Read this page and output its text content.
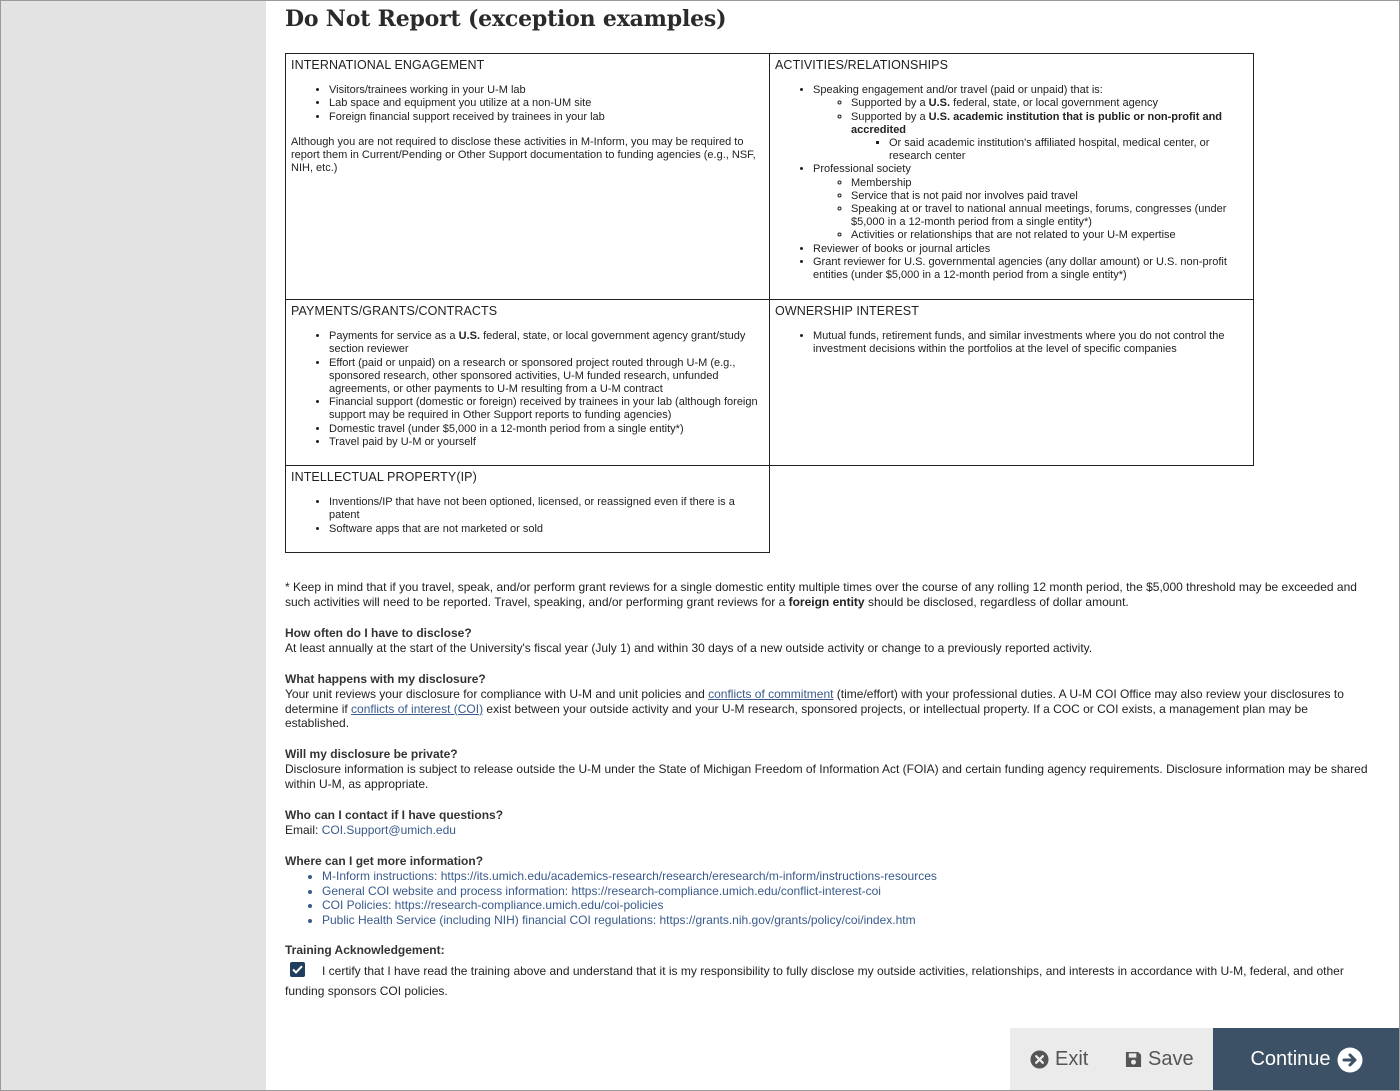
Do Not Report (exception examples)
INTERNATIONAL ENGAGEMENT
• Visitors/trainees working in your U-M lab
• Lab space and equipment you utilize at a non-UM site
• Foreign financial support received by trainees in your lab

Although you are not required to disclose these activities in M-Inform, you may be required to report them in Current/Pending or Other Support documentation to funding agencies (e.g., NSF, NIH, etc.)

ACTIVITIES/RELATIONSHIPS
• Speaking engagement and/or travel (paid or unpaid) that is:
◦ Supported by a U.S. federal, state, or local government agency
◦ Supported by a U.S. academic institution that is public or non-profit and accredited
▪ Or said academic institution's affiliated hospital, medical center, or research center
• Professional society
◦ Membership
◦ Service that is not paid nor involves paid travel
◦ Speaking at or travel to national annual meetings, forums, congresses (under $5,000 in a 12-month period from a single entity*)
◦ Activities or relationships that are not related to your U-M expertise
• Reviewer of books or journal articles
• Grant reviewer for U.S. governmental agencies (any dollar amount) or U.S. non-profit entities (under $5,000 in a 12-month period from a single entity*)
PAYMENTS/GRANTS/CONTRACTS
• Payments for service as a U.S. federal, state, or local government agency grant/study section reviewer
• Effort (paid or unpaid) on a research or sponsored project routed through U-M (e.g., sponsored research, other sponsored activities, U-M funded research, unfunded agreements, or other payments to U-M resulting from a U-M contract
• Financial support (domestic or foreign) received by trainees in your lab (although foreign support may be required in Other Support reports to funding agencies)
• Domestic travel (under $5,000 in a 12-month period from a single entity*)
• Travel paid by U-M or yourself
OWNERSHIP INTEREST
• Mutual funds, retirement funds, and similar investments where you do not control the investment decisions within the portfolios at the level of specific companies
INTELLECTUAL PROPERTY(IP)
• Inventions/IP that have not been optioned, licensed, or reassigned even if there is a patent
• Software apps that are not marketed or sold
* Keep in mind that if you travel, speak, and/or perform grant reviews for a single domestic entity multiple times over the course of any rolling 12 month period, the $5,000 threshold may be exceeded and such activities will need to be reported. Travel, speaking, and/or performing grant reviews for a foreign entity should be disclosed, regardless of dollar amount.
How often do I have to disclose?
At least annually at the start of the University's fiscal year (July 1) and within 30 days of a new outside activity or change to a previously reported activity.
What happens with my disclosure?
Your unit reviews your disclosure for compliance with U-M and unit policies and conflicts of commitment (time/effort) with your professional duties. A U-M COI Office may also review your disclosures to determine if conflicts of interest (COI) exist between your outside activity and your U-M research, sponsored projects, or intellectual property. If a COC or COI exists, a management plan may be established.
Will my disclosure be private?
Disclosure information is subject to release outside the U-M under the State of Michigan Freedom of Information Act (FOIA) and certain funding agency requirements. Disclosure information may be shared within U-M, as appropriate.
Who can I contact if I have questions?
Email: COI.Support@umich.edu
Where can I get more information?
• M-Inform instructions: https://its.umich.edu/academics-research/research/eresearch/m-inform/instructions-resources
• General COI website and process information: https://research-compliance.umich.edu/conflict-interest-coi
• COI Policies: https://research-compliance.umich.edu/coi-policies
• Public Health Service (including NIH) financial COI regulations: https://grants.nih.gov/grants/policy/coi/index.htm
Training Acknowledgement:
I certify that I have read the training above and understand that it is my responsibility to fully disclose my outside activities, relationships, and interests in accordance with U-M, federal, and other funding sponsors COI policies.
Exit	Save	Continue
